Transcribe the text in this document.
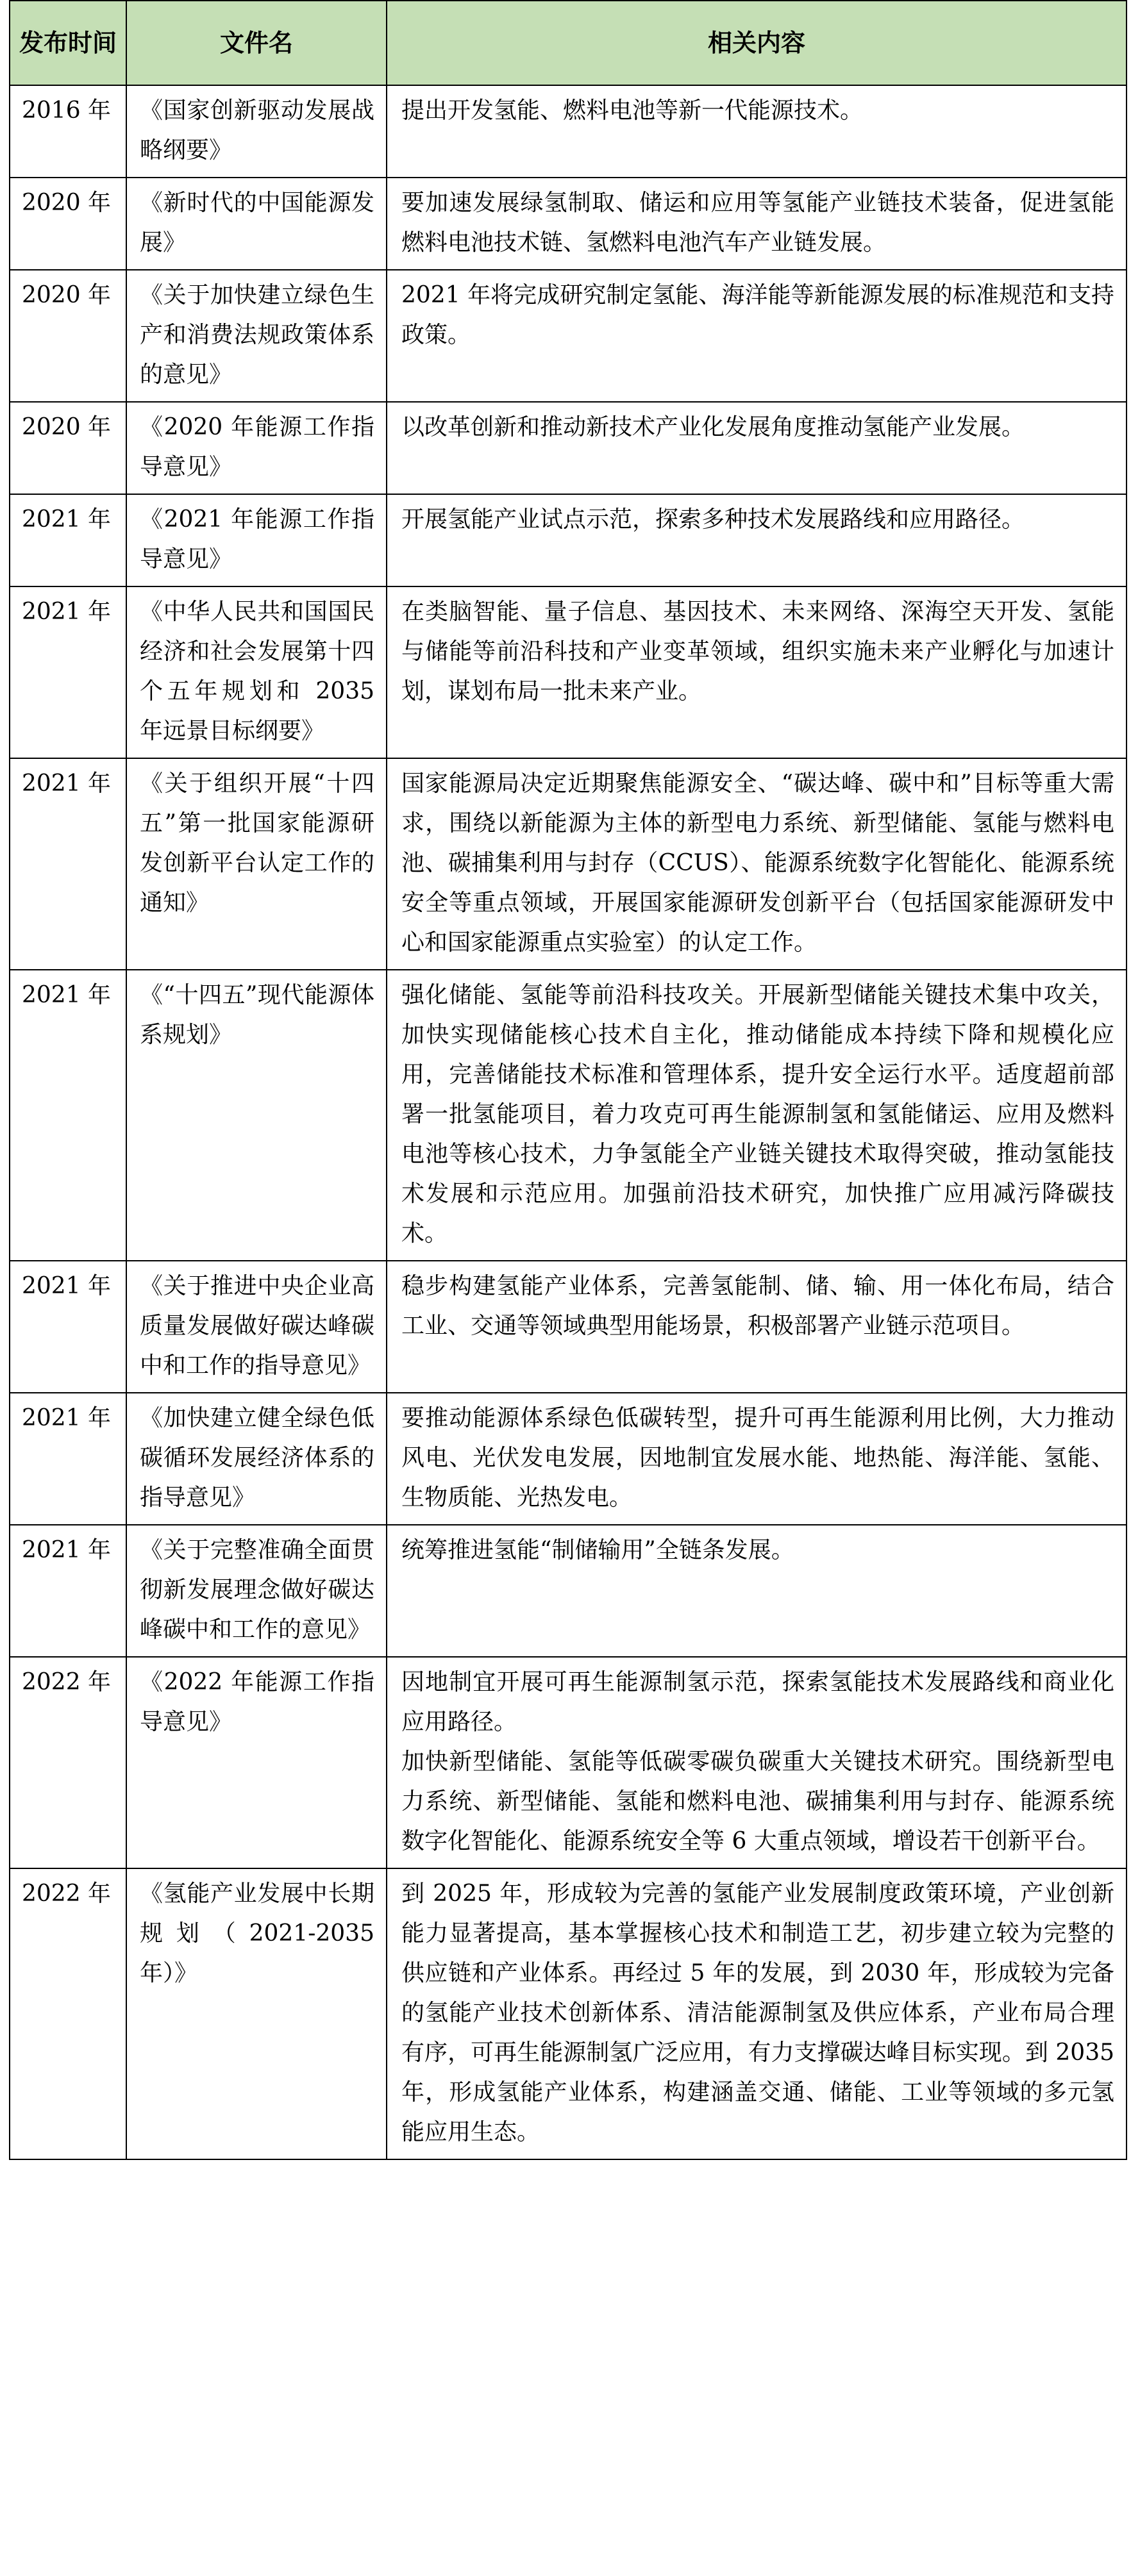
发布时间	文件名	相关内容
2016 年	《国家创新驱动发展战略纲要》	提出开发氢能、燃料电池等新一代能源技术。

2020 年	《新时代的中国能源发展》	要加速发展绿氢制取、储运和应用等氢能产业链技术装备，促进氢能燃料电池技术链、氢燃料电池汽车产业链发展。

2020 年	《关于加快建立绿色生产和消费法规政策体系的意见》	2021 年将完成研究制定氢能、海洋能等新能源发展的标准规范和支持政策。

2020 年	《2020 年能源工作指导意见》	以改革创新和推动新技术产业化发展角度推动氢能产业发展。

2021 年	《2021 年能源工作指导意见》	开展氢能产业试点示范，探索多种技术发展路线和应用路径。

2021 年	《中华人民共和国国民经济和社会发展第十四个五年规划和 2035 年远景目标纲要》	在类脑智能、量子信息、基因技术、未来网络、深海空天开发、氢能与储能等前沿科技和产业变革领域，组织实施未来产业孵化与加速计划，谋划布局一批未来产业。

2021 年	《关于组织开展“十四五”第一批国家能源研发创新平台认定工作的通知》	国家能源局决定近期聚焦能源安全、“碳达峰、碳中和”目标等重大需求，围绕以新能源为主体的新型电力系统、新型储能、氢能与燃料电池、碳捕集利用与封存（CCUS）、能源系统数字化智能化、能源系统安全等重点领域，开展国家能源研发创新平台（包括国家能源研发中心和国家能源重点实验室）的认定工作。

2021 年	《“十四五”现代能源体系规划》	强化储能、氢能等前沿科技攻关。开展新型储能关键技术集中攻关，加快实现储能核心技术自主化，推动储能成本持续下降和规模化应用，完善储能技术标准和管理体系，提升安全运行水平。适度超前部署一批氢能项目，着力攻克可再生能源制氢和氢能储运、应用及燃料电池等核心技术，力争氢能全产业链关键技术取得突破，推动氢能技术发展和示范应用。加强前沿技术研究，加快推广应用减污降碳技术。

2021 年	《关于推进中央企业高质量发展做好碳达峰碳中和工作的指导意见》	稳步构建氢能产业体系，完善氢能制、储、输、用一体化布局，结合工业、交通等领域典型用能场景，积极部署产业链示范项目。

2021 年	《加快建立健全绿色低碳循环发展经济体系的指导意见》	要推动能源体系绿色低碳转型，提升可再生能源利用比例，大力推动风电、光伏发电发展，因地制宜发展水能、地热能、海洋能、氢能、生物质能、光热发电。

2021 年	《关于完整准确全面贯彻新发展理念做好碳达峰碳中和工作的意见》	统筹推进氢能“制储输用”全链条发展。

2022 年	《2022 年能源工作指导意见》	因地制宜开展可再生能源制氢示范，探索氢能技术发展路线和商业化应用路径。
加快新型储能、氢能等低碳零碳负碳重大关键技术研究。围绕新型电力系统、新型储能、氢能和燃料电池、碳捕集利用与封存、能源系统数字化智能化、能源系统安全等 6 大重点领域，增设若干创新平台。

2022 年	《氢能产业发展中长期规划（2021-2035 年）》	到 2025 年，形成较为完善的氢能产业发展制度政策环境，产业创新能力显著提高，基本掌握核心技术和制造工艺，初步建立较为完整的供应链和产业体系。再经过 5 年的发展，到 2030 年，形成较为完备的氢能产业技术创新体系、清洁能源制氢及供应体系，产业布局合理有序，可再生能源制氢广泛应用，有力支撑碳达峰目标实现。到 2035 年，形成氢能产业体系，构建涵盖交通、储能、工业等领域的多元氢能应用生态。
